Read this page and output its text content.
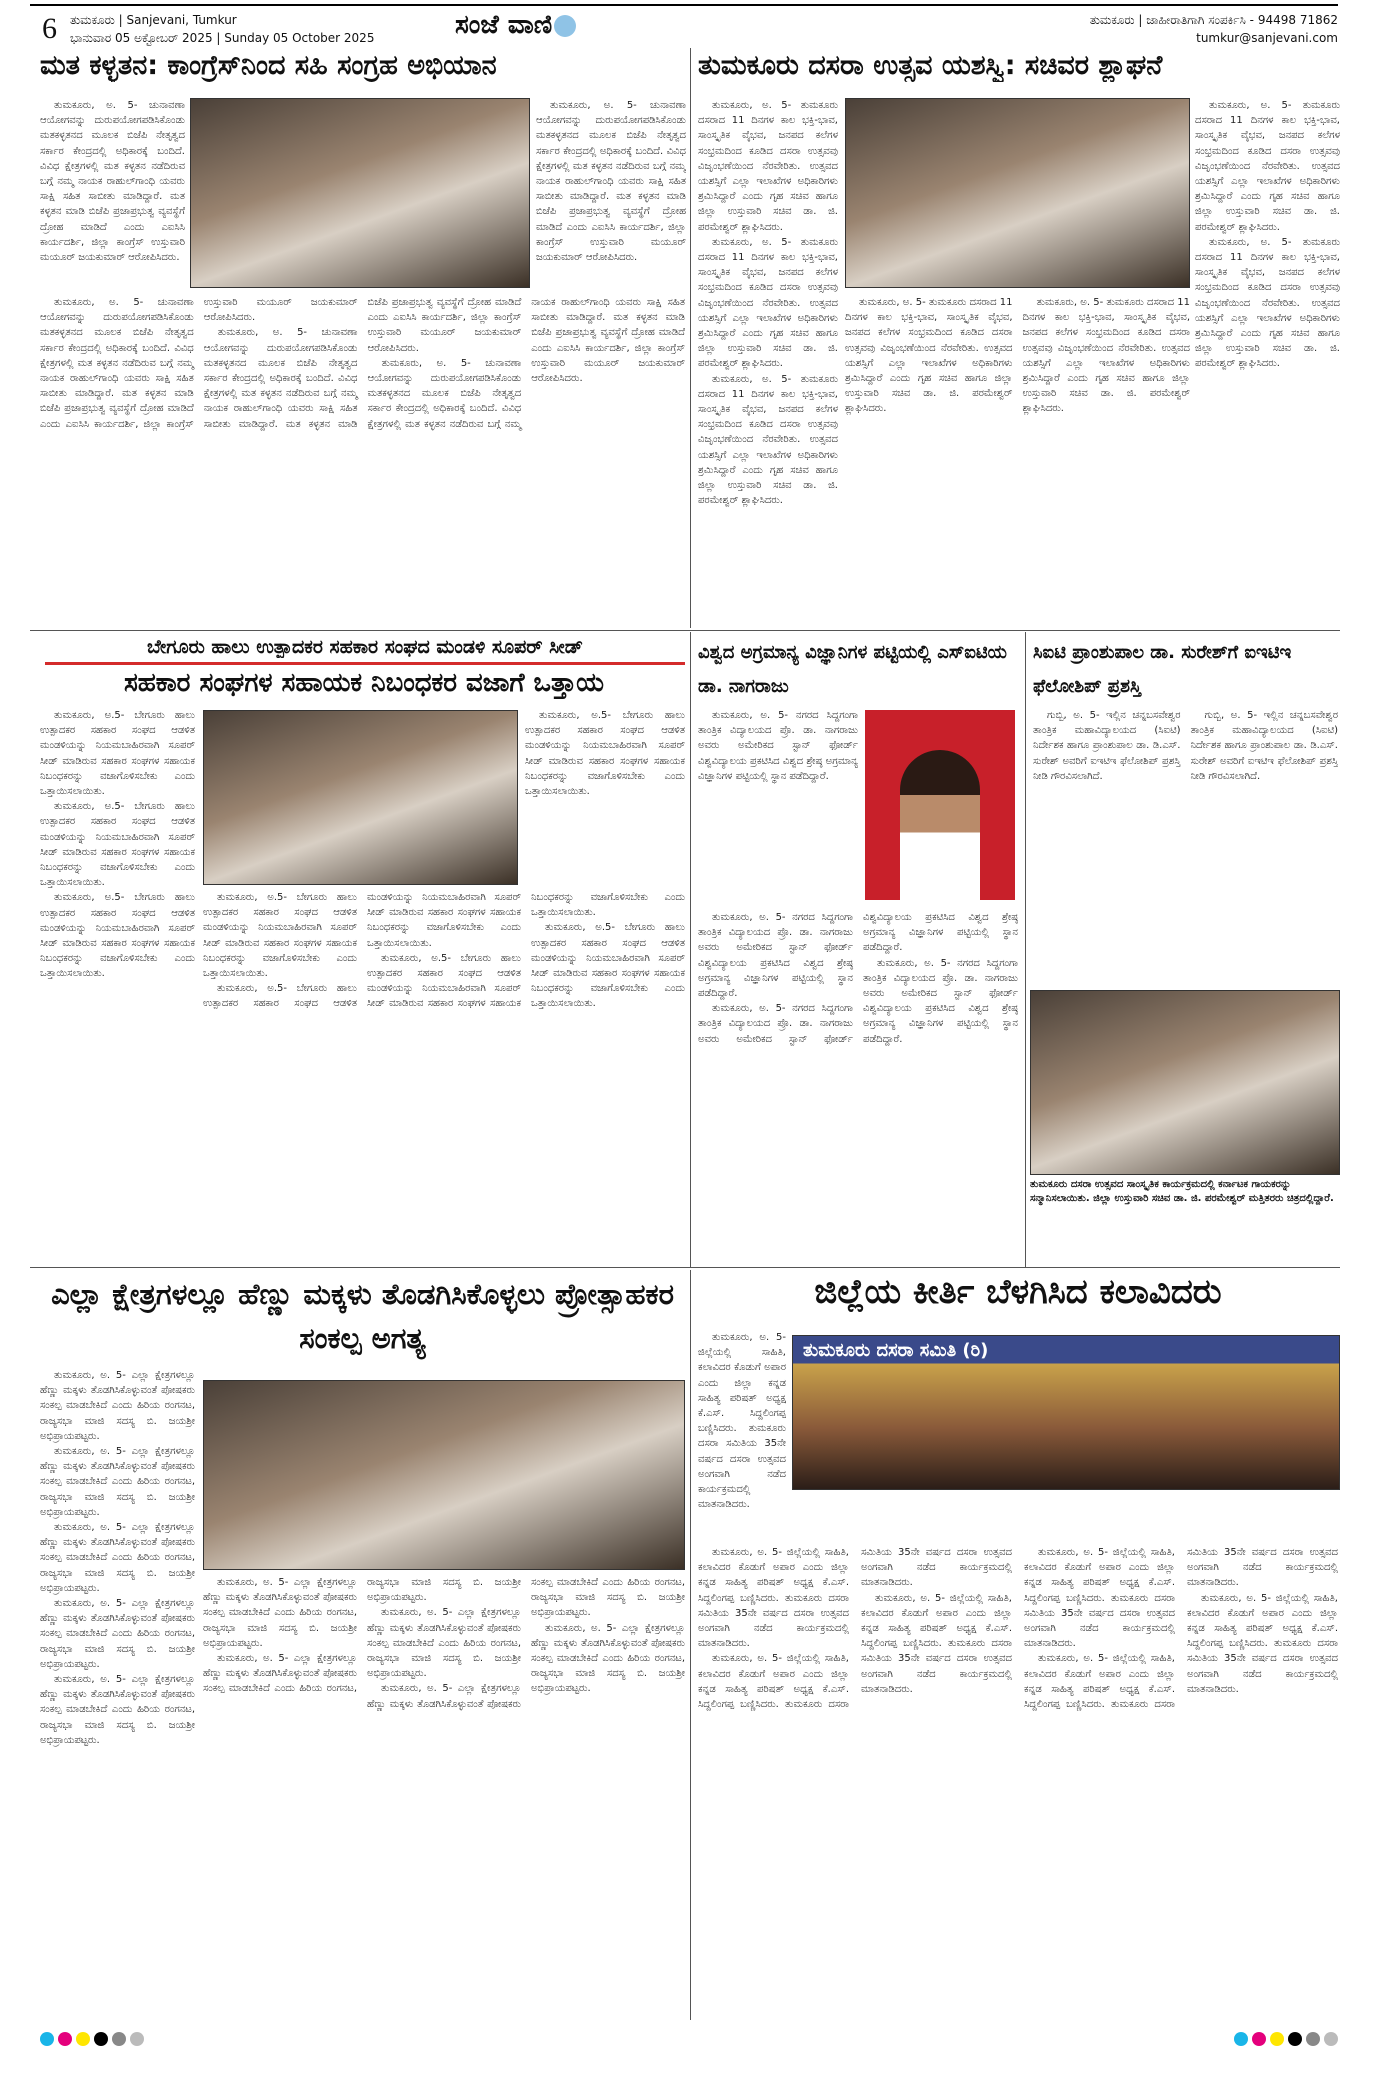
6 ತುಮಕೂರು | Sanjevani, Tumkur
ಭಾನುವಾರ 05 ಅಕ್ಟೋಬರ್ 2025 | Sunday 05 October 2025	ಸಂಜೆ ವಾಣಿ	ತುಮಕೂರು | ಜಾಹೀರಾತಿಗಾಗಿ ಸಂಪರ್ಕಿಸಿ - 94498 71862
tumkur@sanjevani.com
ಮತ ಕಳ್ಳತನ: ಕಾಂಗ್ರೆಸ್‌ನಿಂದ ಸಹಿ ಸಂಗ್ರಹ ಅಭಿಯಾನ	ತುಮಕೂರು ದಸರಾ ಉತ್ಸವ ಯಶಸ್ವಿ: ಸಚಿವರ ಶ್ಲಾಘನೆ

ತುಮಕೂರು, ಅ. 5- ಚುನಾವಣಾ ಆಯೋಗವನ್ನು ದುರುಪಯೋಗಪಡಿಸಿಕೊಂಡು ಮತಕಳ್ಳತನದ ಮೂಲಕ ಬಿಜೆಪಿ ನೇತೃತ್ವದ ಸರ್ಕಾರ ಕೇಂದ್ರದಲ್ಲಿ ಅಧಿಕಾರಕ್ಕೆ ಬಂದಿದೆ. ವಿವಿಧ ಕ್ಷೇತ್ರಗಳಲ್ಲಿ ಮತ ಕಳ್ಳತನ ನಡೆದಿರುವ ಬಗ್ಗೆ ನಮ್ಮ ನಾಯಕ ರಾಹುಲ್‌ಗಾಂಧಿ ಯವರು ಸಾಕ್ಷಿ ಸಹಿತ ಸಾಬೀತು ಮಾಡಿದ್ದಾರೆ. ಮತ ಕಳ್ಳತನ ಮಾಡಿ ಬಿಜೆಪಿ ಪ್ರಜಾಪ್ರಭುತ್ವ ವ್ಯವಸ್ಥೆಗೆ ದ್ರೋಹ ಮಾಡಿದೆ ಎಂದು ಎಐಸಿಸಿ ಕಾರ್ಯದರ್ಶಿ, ಜಿಲ್ಲಾ ಕಾಂಗ್ರೆಸ್ ಉಸ್ತುವಾರಿ ಮಯೂರ್ ಜಯಕುಮಾರ್ ಆರೋಪಿಸಿದರು.

ತುಮಕೂರು, ಅ. 5- ಚುನಾವಣಾ ಆಯೋಗವನ್ನು ದುರುಪಯೋಗಪಡಿಸಿಕೊಂಡು ಮತಕಳ್ಳತನದ ಮೂಲಕ ಬಿಜೆಪಿ ನೇತೃತ್ವದ ಸರ್ಕಾರ ಕೇಂದ್ರದಲ್ಲಿ ಅಧಿಕಾರಕ್ಕೆ ಬಂದಿದೆ. ವಿವಿಧ ಕ್ಷೇತ್ರಗಳಲ್ಲಿ ಮತ ಕಳ್ಳತನ ನಡೆದಿರುವ ಬಗ್ಗೆ ನಮ್ಮ ನಾಯಕ ರಾಹುಲ್‌ಗಾಂಧಿ ಯವರು ಸಾಕ್ಷಿ ಸಹಿತ ಸಾಬೀತು ಮಾಡಿದ್ದಾರೆ. ಮತ ಕಳ್ಳತನ ಮಾಡಿ ಬಿಜೆಪಿ ಪ್ರಜಾಪ್ರಭುತ್ವ ವ್ಯವಸ್ಥೆಗೆ ದ್ರೋಹ ಮಾಡಿದೆ ಎಂದು ಎಐಸಿಸಿ ಕಾರ್ಯದರ್ಶಿ, ಜಿಲ್ಲಾ ಕಾಂಗ್ರೆಸ್ ಉಸ್ತುವಾರಿ ಮಯೂರ್ ಜಯಕುಮಾರ್ ಆರೋಪಿಸಿದರು.

ತುಮಕೂರು, ಅ. 5- ಚುನಾವಣಾ ಆಯೋಗವನ್ನು ದುರುಪಯೋಗಪಡಿಸಿಕೊಂಡು ಮತಕಳ್ಳತನದ ಮೂಲಕ ಬಿಜೆಪಿ ನೇತೃತ್ವದ ಸರ್ಕಾರ ಕೇಂದ್ರದಲ್ಲಿ ಅಧಿಕಾರಕ್ಕೆ ಬಂದಿದೆ. ವಿವಿಧ ಕ್ಷೇತ್ರಗಳಲ್ಲಿ ಮತ ಕಳ್ಳತನ ನಡೆದಿರುವ ಬಗ್ಗೆ ನಮ್ಮ ನಾಯಕ ರಾಹುಲ್‌ಗಾಂಧಿ ಯವರು ಸಾಕ್ಷಿ ಸಹಿತ ಸಾಬೀತು ಮಾಡಿದ್ದಾರೆ. ಮತ ಕಳ್ಳತನ ಮಾಡಿ ಬಿಜೆಪಿ ಪ್ರಜಾಪ್ರಭುತ್ವ ವ್ಯವಸ್ಥೆಗೆ ದ್ರೋಹ ಮಾಡಿದೆ ಎಂದು ಎಐಸಿಸಿ ಕಾರ್ಯದರ್ಶಿ, ಜಿಲ್ಲಾ ಕಾಂಗ್ರೆಸ್ ಉಸ್ತುವಾರಿ ಮಯೂರ್ ಜಯಕುಮಾರ್ ಆರೋಪಿಸಿದರು.

ತುಮಕೂರು, ಅ. 5- ಚುನಾವಣಾ ಆಯೋಗವನ್ನು ದುರುಪಯೋಗಪಡಿಸಿಕೊಂಡು ಮತಕಳ್ಳತನದ ಮೂಲಕ ಬಿಜೆಪಿ ನೇತೃತ್ವದ ಸರ್ಕಾರ ಕೇಂದ್ರದಲ್ಲಿ ಅಧಿಕಾರಕ್ಕೆ ಬಂದಿದೆ. ವಿವಿಧ ಕ್ಷೇತ್ರಗಳಲ್ಲಿ ಮತ ಕಳ್ಳತನ ನಡೆದಿರುವ ಬಗ್ಗೆ ನಮ್ಮ ನಾಯಕ ರಾಹುಲ್‌ಗಾಂಧಿ ಯವರು ಸಾಕ್ಷಿ ಸಹಿತ ಸಾಬೀತು ಮಾಡಿದ್ದಾರೆ. ಮತ ಕಳ್ಳತನ ಮಾಡಿ ಬಿಜೆಪಿ ಪ್ರಜಾಪ್ರಭುತ್ವ ವ್ಯವಸ್ಥೆಗೆ ದ್ರೋಹ ಮಾಡಿದೆ ಎಂದು ಎಐಸಿಸಿ ಕಾರ್ಯದರ್ಶಿ, ಜಿಲ್ಲಾ ಕಾಂಗ್ರೆಸ್ ಉಸ್ತುವಾರಿ ಮಯೂರ್ ಜಯಕುಮಾರ್ ಆರೋಪಿಸಿದರು.

ತುಮಕೂರು, ಅ. 5- ಚುನಾವಣಾ ಆಯೋಗವನ್ನು ದುರುಪಯೋಗಪಡಿಸಿಕೊಂಡು ಮತಕಳ್ಳತನದ ಮೂಲಕ ಬಿಜೆಪಿ ನೇತೃತ್ವದ ಸರ್ಕಾರ ಕೇಂದ್ರದಲ್ಲಿ ಅಧಿಕಾರಕ್ಕೆ ಬಂದಿದೆ. ವಿವಿಧ ಕ್ಷೇತ್ರಗಳಲ್ಲಿ ಮತ ಕಳ್ಳತನ ನಡೆದಿರುವ ಬಗ್ಗೆ ನಮ್ಮ ನಾಯಕ ರಾಹುಲ್‌ಗಾಂಧಿ ಯವರು ಸಾಕ್ಷಿ ಸಹಿತ ಸಾಬೀತು ಮಾಡಿದ್ದಾರೆ. ಮತ ಕಳ್ಳತನ ಮಾಡಿ ಬಿಜೆಪಿ ಪ್ರಜಾಪ್ರಭುತ್ವ ವ್ಯವಸ್ಥೆಗೆ ದ್ರೋಹ ಮಾಡಿದೆ ಎಂದು ಎಐಸಿಸಿ ಕಾರ್ಯದರ್ಶಿ, ಜಿಲ್ಲಾ ಕಾಂಗ್ರೆಸ್ ಉಸ್ತುವಾರಿ ಮಯೂರ್ ಜಯಕುಮಾರ್ ಆರೋಪಿಸಿದರು.

ತುಮಕೂರು, ಅ. 5- ತುಮಕೂರು ದಸರಾದ 11 ದಿನಗಳ ಕಾಲ ಭಕ್ತಿ-ಭಾವ, ಸಾಂಸ್ಕೃತಿಕ ವೈಭವ, ಜನಪದ ಕಲೆಗಳ ಸಂಭ್ರಮದಿಂದ ಕೂಡಿದ ದಸರಾ ಉತ್ಸವವು ವಿಜೃಂಭಣೆಯಿಂದ ನೆರವೇರಿತು. ಉತ್ಸವದ ಯಶಸ್ಸಿಗೆ ಎಲ್ಲಾ ಇಲಾಖೆಗಳ ಅಧಿಕಾರಿಗಳು ಶ್ರಮಿಸಿದ್ದಾರೆ ಎಂದು ಗೃಹ ಸಚಿವ ಹಾಗೂ ಜಿಲ್ಲಾ ಉಸ್ತುವಾರಿ ಸಚಿವ ಡಾ. ಜಿ. ಪರಮೇಶ್ವರ್ ಶ್ಲಾಘಿಸಿದರು.

ತುಮಕೂರು, ಅ. 5- ತುಮಕೂರು ದಸರಾದ 11 ದಿನಗಳ ಕಾಲ ಭಕ್ತಿ-ಭಾವ, ಸಾಂಸ್ಕೃತಿಕ ವೈಭವ, ಜನಪದ ಕಲೆಗಳ ಸಂಭ್ರಮದಿಂದ ಕೂಡಿದ ದಸರಾ ಉತ್ಸವವು ವಿಜೃಂಭಣೆಯಿಂದ ನೆರವೇರಿತು. ಉತ್ಸವದ ಯಶಸ್ಸಿಗೆ ಎಲ್ಲಾ ಇಲಾಖೆಗಳ ಅಧಿಕಾರಿಗಳು ಶ್ರಮಿಸಿದ್ದಾರೆ ಎಂದು ಗೃಹ ಸಚಿವ ಹಾಗೂ ಜಿಲ್ಲಾ ಉಸ್ತುವಾರಿ ಸಚಿವ ಡಾ. ಜಿ. ಪರಮೇಶ್ವರ್ ಶ್ಲಾಘಿಸಿದರು.

ತುಮಕೂರು, ಅ. 5- ತುಮಕೂರು ದಸರಾದ 11 ದಿನಗಳ ಕಾಲ ಭಕ್ತಿ-ಭಾವ, ಸಾಂಸ್ಕೃತಿಕ ವೈಭವ, ಜನಪದ ಕಲೆಗಳ ಸಂಭ್ರಮದಿಂದ ಕೂಡಿದ ದಸರಾ ಉತ್ಸವವು ವಿಜೃಂಭಣೆಯಿಂದ ನೆರವೇರಿತು. ಉತ್ಸವದ ಯಶಸ್ಸಿಗೆ ಎಲ್ಲಾ ಇಲಾಖೆಗಳ ಅಧಿಕಾರಿಗಳು ಶ್ರಮಿಸಿದ್ದಾರೆ ಎಂದು ಗೃಹ ಸಚಿವ ಹಾಗೂ ಜಿಲ್ಲಾ ಉಸ್ತುವಾರಿ ಸಚಿವ ಡಾ. ಜಿ. ಪರಮೇಶ್ವರ್ ಶ್ಲಾಘಿಸಿದರು.

ತುಮಕೂರು, ಅ. 5- ತುಮಕೂರು ದಸರಾದ 11 ದಿನಗಳ ಕಾಲ ಭಕ್ತಿ-ಭಾವ, ಸಾಂಸ್ಕೃತಿಕ ವೈಭವ, ಜನಪದ ಕಲೆಗಳ ಸಂಭ್ರಮದಿಂದ ಕೂಡಿದ ದಸರಾ ಉತ್ಸವವು ವಿಜೃಂಭಣೆಯಿಂದ ನೆರವೇರಿತು. ಉತ್ಸವದ ಯಶಸ್ಸಿಗೆ ಎಲ್ಲಾ ಇಲಾಖೆಗಳ ಅಧಿಕಾರಿಗಳು ಶ್ರಮಿಸಿದ್ದಾರೆ ಎಂದು ಗೃಹ ಸಚಿವ ಹಾಗೂ ಜಿಲ್ಲಾ ಉಸ್ತುವಾರಿ ಸಚಿವ ಡಾ. ಜಿ. ಪರಮೇಶ್ವರ್ ಶ್ಲಾಘಿಸಿದರು.

ತುಮಕೂರು, ಅ. 5- ತುಮಕೂರು ದಸರಾದ 11 ದಿನಗಳ ಕಾಲ ಭಕ್ತಿ-ಭಾವ, ಸಾಂಸ್ಕೃತಿಕ ವೈಭವ, ಜನಪದ ಕಲೆಗಳ ಸಂಭ್ರಮದಿಂದ ಕೂಡಿದ ದಸರಾ ಉತ್ಸವವು ವಿಜೃಂಭಣೆಯಿಂದ ನೆರವೇರಿತು. ಉತ್ಸವದ ಯಶಸ್ಸಿಗೆ ಎಲ್ಲಾ ಇಲಾಖೆಗಳ ಅಧಿಕಾರಿಗಳು ಶ್ರಮಿಸಿದ್ದಾರೆ ಎಂದು ಗೃಹ ಸಚಿವ ಹಾಗೂ ಜಿಲ್ಲಾ ಉಸ್ತುವಾರಿ ಸಚಿವ ಡಾ. ಜಿ. ಪರಮೇಶ್ವರ್ ಶ್ಲಾಘಿಸಿದರು.

ತುಮಕೂರು, ಅ. 5- ತುಮಕೂರು ದಸರಾದ 11 ದಿನಗಳ ಕಾಲ ಭಕ್ತಿ-ಭಾವ, ಸಾಂಸ್ಕೃತಿಕ ವೈಭವ, ಜನಪದ ಕಲೆಗಳ ಸಂಭ್ರಮದಿಂದ ಕೂಡಿದ ದಸರಾ ಉತ್ಸವವು ವಿಜೃಂಭಣೆಯಿಂದ ನೆರವೇರಿತು. ಉತ್ಸವದ ಯಶಸ್ಸಿಗೆ ಎಲ್ಲಾ ಇಲಾಖೆಗಳ ಅಧಿಕಾರಿಗಳು ಶ್ರಮಿಸಿದ್ದಾರೆ ಎಂದು ಗೃಹ ಸಚಿವ ಹಾಗೂ ಜಿಲ್ಲಾ ಉಸ್ತುವಾರಿ ಸಚಿವ ಡಾ. ಜಿ. ಪರಮೇಶ್ವರ್ ಶ್ಲಾಘಿಸಿದರು.

ತುಮಕೂರು, ಅ. 5- ತುಮಕೂರು ದಸರಾದ 11 ದಿನಗಳ ಕಾಲ ಭಕ್ತಿ-ಭಾವ, ಸಾಂಸ್ಕೃತಿಕ ವೈಭವ, ಜನಪದ ಕಲೆಗಳ ಸಂಭ್ರಮದಿಂದ ಕೂಡಿದ ದಸರಾ ಉತ್ಸವವು ವಿಜೃಂಭಣೆಯಿಂದ ನೆರವೇರಿತು. ಉತ್ಸವದ ಯಶಸ್ಸಿಗೆ ಎಲ್ಲಾ ಇಲಾಖೆಗಳ ಅಧಿಕಾರಿಗಳು ಶ್ರಮಿಸಿದ್ದಾರೆ ಎಂದು ಗೃಹ ಸಚಿವ ಹಾಗೂ ಜಿಲ್ಲಾ ಉಸ್ತುವಾರಿ ಸಚಿವ ಡಾ. ಜಿ. ಪರಮೇಶ್ವರ್ ಶ್ಲಾಘಿಸಿದರು.

ಬೇಗೂರು ಹಾಲು ಉತ್ಪಾದಕರ ಸಹಕಾರ ಸಂಘದ ಮಂಡಳಿ ಸೂಪರ್ ಸೀಡ್
ಸಹಕಾರ ಸಂಘಗಳ ಸಹಾಯಕ ನಿಬಂಧಕರ ವಜಾಗೆ ಒತ್ತಾಯ

ತುಮಕೂರು, ಅ.5- ಬೇಗೂರು ಹಾಲು ಉತ್ಪಾದಕರ ಸಹಕಾರ ಸಂಘದ ಆಡಳಿತ ಮಂಡಳಿಯನ್ನು ನಿಯಮಬಾಹಿರವಾಗಿ ಸೂಪರ್ ಸೀಡ್ ಮಾಡಿರುವ ಸಹಕಾರ ಸಂಘಗಳ ಸಹಾಯಕ ನಿಬಂಧಕರನ್ನು ವಜಾಗೊಳಿಸಬೇಕು ಎಂದು ಒತ್ತಾಯಿಸಲಾಯಿತು.

ತುಮಕೂರು, ಅ.5- ಬೇಗೂರು ಹಾಲು ಉತ್ಪಾದಕರ ಸಹಕಾರ ಸಂಘದ ಆಡಳಿತ ಮಂಡಳಿಯನ್ನು ನಿಯಮಬಾಹಿರವಾಗಿ ಸೂಪರ್ ಸೀಡ್ ಮಾಡಿರುವ ಸಹಕಾರ ಸಂಘಗಳ ಸಹಾಯಕ ನಿಬಂಧಕರನ್ನು ವಜಾಗೊಳಿಸಬೇಕು ಎಂದು ಒತ್ತಾಯಿಸಲಾಯಿತು.

ತುಮಕೂರು, ಅ.5- ಬೇಗೂರು ಹಾಲು ಉತ್ಪಾದಕರ ಸಹಕಾರ ಸಂಘದ ಆಡಳಿತ ಮಂಡಳಿಯನ್ನು ನಿಯಮಬಾಹಿರವಾಗಿ ಸೂಪರ್ ಸೀಡ್ ಮಾಡಿರುವ ಸಹಕಾರ ಸಂಘಗಳ ಸಹಾಯಕ ನಿಬಂಧಕರನ್ನು ವಜಾಗೊಳಿಸಬೇಕು ಎಂದು ಒತ್ತಾಯಿಸಲಾಯಿತು.

ತುಮಕೂರು, ಅ.5- ಬೇಗೂರು ಹಾಲು ಉತ್ಪಾದಕರ ಸಹಕಾರ ಸಂಘದ ಆಡಳಿತ ಮಂಡಳಿಯನ್ನು ನಿಯಮಬಾಹಿರವಾಗಿ ಸೂಪರ್ ಸೀಡ್ ಮಾಡಿರುವ ಸಹಕಾರ ಸಂಘಗಳ ಸಹಾಯಕ ನಿಬಂಧಕರನ್ನು ವಜಾಗೊಳಿಸಬೇಕು ಎಂದು ಒತ್ತಾಯಿಸಲಾಯಿತು.

ತುಮಕೂರು, ಅ.5- ಬೇಗೂರು ಹಾಲು ಉತ್ಪಾದಕರ ಸಹಕಾರ ಸಂಘದ ಆಡಳಿತ ಮಂಡಳಿಯನ್ನು ನಿಯಮಬಾಹಿರವಾಗಿ ಸೂಪರ್ ಸೀಡ್ ಮಾಡಿರುವ ಸಹಕಾರ ಸಂಘಗಳ ಸಹಾಯಕ ನಿಬಂಧಕರನ್ನು ವಜಾಗೊಳಿಸಬೇಕು ಎಂದು ಒತ್ತಾಯಿಸಲಾಯಿತು.

ತುಮಕೂರು, ಅ.5- ಬೇಗೂರು ಹಾಲು ಉತ್ಪಾದಕರ ಸಹಕಾರ ಸಂಘದ ಆಡಳಿತ ಮಂಡಳಿಯನ್ನು ನಿಯಮಬಾಹಿರವಾಗಿ ಸೂಪರ್ ಸೀಡ್ ಮಾಡಿರುವ ಸಹಕಾರ ಸಂಘಗಳ ಸಹಾಯಕ ನಿಬಂಧಕರನ್ನು ವಜಾಗೊಳಿಸಬೇಕು ಎಂದು ಒತ್ತಾಯಿಸಲಾಯಿತು.

ತುಮಕೂರು, ಅ.5- ಬೇಗೂರು ಹಾಲು ಉತ್ಪಾದಕರ ಸಹಕಾರ ಸಂಘದ ಆಡಳಿತ ಮಂಡಳಿಯನ್ನು ನಿಯಮಬಾಹಿರವಾಗಿ ಸೂಪರ್ ಸೀಡ್ ಮಾಡಿರುವ ಸಹಕಾರ ಸಂಘಗಳ ಸಹಾಯಕ ನಿಬಂಧಕರನ್ನು ವಜಾಗೊಳಿಸಬೇಕು ಎಂದು ಒತ್ತಾಯಿಸಲಾಯಿತು.

ತುಮಕೂರು, ಅ.5- ಬೇಗೂರು ಹಾಲು ಉತ್ಪಾದಕರ ಸಹಕಾರ ಸಂಘದ ಆಡಳಿತ ಮಂಡಳಿಯನ್ನು ನಿಯಮಬಾಹಿರವಾಗಿ ಸೂಪರ್ ಸೀಡ್ ಮಾಡಿರುವ ಸಹಕಾರ ಸಂಘಗಳ ಸಹಾಯಕ ನಿಬಂಧಕರನ್ನು ವಜಾಗೊಳಿಸಬೇಕು ಎಂದು ಒತ್ತಾಯಿಸಲಾಯಿತು.

ವಿಶ್ವದ ಅಗ್ರಮಾನ್ಯ ವಿಜ್ಞಾನಿಗಳ ಪಟ್ಟಿಯಲ್ಲಿ ಎಸ್‌ಐಟಿಯ ಡಾ. ನಾಗರಾಜು

ತುಮಕೂರು, ಅ. 5- ನಗರದ ಸಿದ್ದಗಂಗಾ ತಾಂತ್ರಿಕ ವಿದ್ಯಾಲಯದ ಪ್ರೊ. ಡಾ. ನಾಗರಾಜು ಅವರು ಅಮೇರಿಕದ ಸ್ಟಾನ್ ಫೋರ್ಡ್ ವಿಶ್ವವಿದ್ಯಾಲಯ ಪ್ರಕಟಿಸಿದ ವಿಶ್ವದ ಶ್ರೇಷ್ಠ ಅಗ್ರಮಾನ್ಯ ವಿಜ್ಞಾನಿಗಳ ಪಟ್ಟಿಯಲ್ಲಿ ಸ್ಥಾನ ಪಡೆದಿದ್ದಾರೆ.

ತುಮಕೂರು, ಅ. 5- ನಗರದ ಸಿದ್ದಗಂಗಾ ತಾಂತ್ರಿಕ ವಿದ್ಯಾಲಯದ ಪ್ರೊ. ಡಾ. ನಾಗರಾಜು ಅವರು ಅಮೇರಿಕದ ಸ್ಟಾನ್ ಫೋರ್ಡ್ ವಿಶ್ವವಿದ್ಯಾಲಯ ಪ್ರಕಟಿಸಿದ ವಿಶ್ವದ ಶ್ರೇಷ್ಠ ಅಗ್ರಮಾನ್ಯ ವಿಜ್ಞಾನಿಗಳ ಪಟ್ಟಿಯಲ್ಲಿ ಸ್ಥಾನ ಪಡೆದಿದ್ದಾರೆ.

ತುಮಕೂರು, ಅ. 5- ನಗರದ ಸಿದ್ದಗಂಗಾ ತಾಂತ್ರಿಕ ವಿದ್ಯಾಲಯದ ಪ್ರೊ. ಡಾ. ನಾಗರಾಜು ಅವರು ಅಮೇರಿಕದ ಸ್ಟಾನ್ ಫೋರ್ಡ್ ವಿಶ್ವವಿದ್ಯಾಲಯ ಪ್ರಕಟಿಸಿದ ವಿಶ್ವದ ಶ್ರೇಷ್ಠ ಅಗ್ರಮಾನ್ಯ ವಿಜ್ಞಾನಿಗಳ ಪಟ್ಟಿಯಲ್ಲಿ ಸ್ಥಾನ ಪಡೆದಿದ್ದಾರೆ.

ತುಮಕೂರು, ಅ. 5- ನಗರದ ಸಿದ್ದಗಂಗಾ ತಾಂತ್ರಿಕ ವಿದ್ಯಾಲಯದ ಪ್ರೊ. ಡಾ. ನಾಗರಾಜು ಅವರು ಅಮೇರಿಕದ ಸ್ಟಾನ್ ಫೋರ್ಡ್ ವಿಶ್ವವಿದ್ಯಾಲಯ ಪ್ರಕಟಿಸಿದ ವಿಶ್ವದ ಶ್ರೇಷ್ಠ ಅಗ್ರಮಾನ್ಯ ವಿಜ್ಞಾನಿಗಳ ಪಟ್ಟಿಯಲ್ಲಿ ಸ್ಥಾನ ಪಡೆದಿದ್ದಾರೆ.

ಸಿಐಟಿ ಪ್ರಾಂಶುಪಾಲ ಡಾ. ಸುರೇಶ್‌ಗೆ ಐಇಟಿಇ ಫೆಲೋಶಿಪ್ ಪ್ರಶಸ್ತಿ

ಗುಬ್ಬಿ, ಅ. 5- ಇಲ್ಲಿನ ಚನ್ನಬಸವೇಶ್ವರ ತಾಂತ್ರಿಕ ಮಹಾವಿದ್ಯಾಲಯದ (ಸಿಐಟಿ) ನಿರ್ದೇಶಕ ಹಾಗೂ ಪ್ರಾಂಶುಪಾಲ ಡಾ. ಡಿ.ಎಸ್. ಸುರೇಶ್ ಅವರಿಗೆ ಐಇಟಿಇ ಫೆಲೋಶಿಪ್ ಪ್ರಶಸ್ತಿ ನೀಡಿ ಗೌರವಿಸಲಾಗಿದೆ.

ಗುಬ್ಬಿ, ಅ. 5- ಇಲ್ಲಿನ ಚನ್ನಬಸವೇಶ್ವರ ತಾಂತ್ರಿಕ ಮಹಾವಿದ್ಯಾಲಯದ (ಸಿಐಟಿ) ನಿರ್ದೇಶಕ ಹಾಗೂ ಪ್ರಾಂಶುಪಾಲ ಡಾ. ಡಿ.ಎಸ್. ಸುರೇಶ್ ಅವರಿಗೆ ಐಇಟಿಇ ಫೆಲೋಶಿಪ್ ಪ್ರಶಸ್ತಿ ನೀಡಿ ಗೌರವಿಸಲಾಗಿದೆ.

ತುಮಕೂರು ದಸರಾ ಉತ್ಸವದ ಸಾಂಸ್ಕೃತಿಕ ಕಾರ್ಯಕ್ರಮದಲ್ಲಿ ಕರ್ನಾಟಕ ಗಾಯಕರನ್ನು ಸನ್ಮಾನಿಸಲಾಯಿತು. ಜಿಲ್ಲಾ ಉಸ್ತುವಾರಿ ಸಚಿವ ಡಾ. ಜಿ. ಪರಮೇಶ್ವರ್ ಮತ್ತಿತರರು ಚಿತ್ರದಲ್ಲಿದ್ದಾರೆ.
ಎಲ್ಲಾ ಕ್ಷೇತ್ರಗಳಲ್ಲೂ ಹೆಣ್ಣು ಮಕ್ಕಳು ತೊಡಗಿಸಿಕೊಳ್ಳಲು ಪ್ರೋತ್ಸಾಹಕರ ಸಂಕಲ್ಪ ಅಗತ್ಯ

ತುಮಕೂರು, ಅ. 5- ಎಲ್ಲಾ ಕ್ಷೇತ್ರಗಳಲ್ಲೂ ಹೆಣ್ಣು ಮಕ್ಕಳು ತೊಡಗಿಸಿಕೊಳ್ಳುವಂತೆ ಪೋಷಕರು ಸಂಕಲ್ಪ ಮಾಡಬೇಕಿದೆ ಎಂದು ಹಿರಿಯ ರಂಗನಟ, ರಾಜ್ಯಸಭಾ ಮಾಜಿ ಸದಸ್ಯ ಬಿ. ಜಯಶ್ರೀ ಅಭಿಪ್ರಾಯಪಟ್ಟರು.

ತುಮಕೂರು, ಅ. 5- ಎಲ್ಲಾ ಕ್ಷೇತ್ರಗಳಲ್ಲೂ ಹೆಣ್ಣು ಮಕ್ಕಳು ತೊಡಗಿಸಿಕೊಳ್ಳುವಂತೆ ಪೋಷಕರು ಸಂಕಲ್ಪ ಮಾಡಬೇಕಿದೆ ಎಂದು ಹಿರಿಯ ರಂಗನಟ, ರಾಜ್ಯಸಭಾ ಮಾಜಿ ಸದಸ್ಯ ಬಿ. ಜಯಶ್ರೀ ಅಭಿಪ್ರಾಯಪಟ್ಟರು.

ತುಮಕೂರು, ಅ. 5- ಎಲ್ಲಾ ಕ್ಷೇತ್ರಗಳಲ್ಲೂ ಹೆಣ್ಣು ಮಕ್ಕಳು ತೊಡಗಿಸಿಕೊಳ್ಳುವಂತೆ ಪೋಷಕರು ಸಂಕಲ್ಪ ಮಾಡಬೇಕಿದೆ ಎಂದು ಹಿರಿಯ ರಂಗನಟ, ರಾಜ್ಯಸಭಾ ಮಾಜಿ ಸದಸ್ಯ ಬಿ. ಜಯಶ್ರೀ ಅಭಿಪ್ರಾಯಪಟ್ಟರು.

ತುಮಕೂರು, ಅ. 5- ಎಲ್ಲಾ ಕ್ಷೇತ್ರಗಳಲ್ಲೂ ಹೆಣ್ಣು ಮಕ್ಕಳು ತೊಡಗಿಸಿಕೊಳ್ಳುವಂತೆ ಪೋಷಕರು ಸಂಕಲ್ಪ ಮಾಡಬೇಕಿದೆ ಎಂದು ಹಿರಿಯ ರಂಗನಟ, ರಾಜ್ಯಸಭಾ ಮಾಜಿ ಸದಸ್ಯ ಬಿ. ಜಯಶ್ರೀ ಅಭಿಪ್ರಾಯಪಟ್ಟರು.

ತುಮಕೂರು, ಅ. 5- ಎಲ್ಲಾ ಕ್ಷೇತ್ರಗಳಲ್ಲೂ ಹೆಣ್ಣು ಮಕ್ಕಳು ತೊಡಗಿಸಿಕೊಳ್ಳುವಂತೆ ಪೋಷಕರು ಸಂಕಲ್ಪ ಮಾಡಬೇಕಿದೆ ಎಂದು ಹಿರಿಯ ರಂಗನಟ, ರಾಜ್ಯಸಭಾ ಮಾಜಿ ಸದಸ್ಯ ಬಿ. ಜಯಶ್ರೀ ಅಭಿಪ್ರಾಯಪಟ್ಟರು.

ತುಮಕೂರು, ಅ. 5- ಎಲ್ಲಾ ಕ್ಷೇತ್ರಗಳಲ್ಲೂ ಹೆಣ್ಣು ಮಕ್ಕಳು ತೊಡಗಿಸಿಕೊಳ್ಳುವಂತೆ ಪೋಷಕರು ಸಂಕಲ್ಪ ಮಾಡಬೇಕಿದೆ ಎಂದು ಹಿರಿಯ ರಂಗನಟ, ರಾಜ್ಯಸಭಾ ಮಾಜಿ ಸದಸ್ಯ ಬಿ. ಜಯಶ್ರೀ ಅಭಿಪ್ರಾಯಪಟ್ಟರು.

ತುಮಕೂರು, ಅ. 5- ಎಲ್ಲಾ ಕ್ಷೇತ್ರಗಳಲ್ಲೂ ಹೆಣ್ಣು ಮಕ್ಕಳು ತೊಡಗಿಸಿಕೊಳ್ಳುವಂತೆ ಪೋಷಕರು ಸಂಕಲ್ಪ ಮಾಡಬೇಕಿದೆ ಎಂದು ಹಿರಿಯ ರಂಗನಟ, ರಾಜ್ಯಸಭಾ ಮಾಜಿ ಸದಸ್ಯ ಬಿ. ಜಯಶ್ರೀ ಅಭಿಪ್ರಾಯಪಟ್ಟರು.

ತುಮಕೂರು, ಅ. 5- ಎಲ್ಲಾ ಕ್ಷೇತ್ರಗಳಲ್ಲೂ ಹೆಣ್ಣು ಮಕ್ಕಳು ತೊಡಗಿಸಿಕೊಳ್ಳುವಂತೆ ಪೋಷಕರು ಸಂಕಲ್ಪ ಮಾಡಬೇಕಿದೆ ಎಂದು ಹಿರಿಯ ರಂಗನಟ, ರಾಜ್ಯಸಭಾ ಮಾಜಿ ಸದಸ್ಯ ಬಿ. ಜಯಶ್ರೀ ಅಭಿಪ್ರಾಯಪಟ್ಟರು.

ತುಮಕೂರು, ಅ. 5- ಎಲ್ಲಾ ಕ್ಷೇತ್ರಗಳಲ್ಲೂ ಹೆಣ್ಣು ಮಕ್ಕಳು ತೊಡಗಿಸಿಕೊಳ್ಳುವಂತೆ ಪೋಷಕರು ಸಂಕಲ್ಪ ಮಾಡಬೇಕಿದೆ ಎಂದು ಹಿರಿಯ ರಂಗನಟ, ರಾಜ್ಯಸಭಾ ಮಾಜಿ ಸದಸ್ಯ ಬಿ. ಜಯಶ್ರೀ ಅಭಿಪ್ರಾಯಪಟ್ಟರು.

ತುಮಕೂರು, ಅ. 5- ಎಲ್ಲಾ ಕ್ಷೇತ್ರಗಳಲ್ಲೂ ಹೆಣ್ಣು ಮಕ್ಕಳು ತೊಡಗಿಸಿಕೊಳ್ಳುವಂತೆ ಪೋಷಕರು ಸಂಕಲ್ಪ ಮಾಡಬೇಕಿದೆ ಎಂದು ಹಿರಿಯ ರಂಗನಟ, ರಾಜ್ಯಸಭಾ ಮಾಜಿ ಸದಸ್ಯ ಬಿ. ಜಯಶ್ರೀ ಅಭಿಪ್ರಾಯಪಟ್ಟರು.

ಜಿಲ್ಲೆಯ ಕೀರ್ತಿ ಬೆಳಗಿಸಿದ ಕಲಾವಿದರು

ತುಮಕೂರು, ಅ. 5- ಜಿಲ್ಲೆಯಲ್ಲಿ ಸಾಹಿತಿ, ಕಲಾವಿದರ ಕೊಡುಗೆ ಅಪಾರ ಎಂದು ಜಿಲ್ಲಾ ಕನ್ನಡ ಸಾಹಿತ್ಯ ಪರಿಷತ್ ಅಧ್ಯಕ್ಷ ಕೆ.ಎಸ್. ಸಿದ್ದಲಿಂಗಪ್ಪ ಬಣ್ಣಿಸಿದರು. ತುಮಕೂರು ದಸರಾ ಸಮಿತಿಯ 35ನೇ ವರ್ಷದ ದಸರಾ ಉತ್ಸವದ ಅಂಗವಾಗಿ ನಡೆದ ಕಾರ್ಯಕ್ರಮದಲ್ಲಿ ಮಾತನಾಡಿದರು.

ತುಮಕೂರು ದಸರಾ ಸಮಿತಿ (ರಿ)

ತುಮಕೂರು, ಅ. 5- ಜಿಲ್ಲೆಯಲ್ಲಿ ಸಾಹಿತಿ, ಕಲಾವಿದರ ಕೊಡುಗೆ ಅಪಾರ ಎಂದು ಜಿಲ್ಲಾ ಕನ್ನಡ ಸಾಹಿತ್ಯ ಪರಿಷತ್ ಅಧ್ಯಕ್ಷ ಕೆ.ಎಸ್. ಸಿದ್ದಲಿಂಗಪ್ಪ ಬಣ್ಣಿಸಿದರು. ತುಮಕೂರು ದಸರಾ ಸಮಿತಿಯ 35ನೇ ವರ್ಷದ ದಸರಾ ಉತ್ಸವದ ಅಂಗವಾಗಿ ನಡೆದ ಕಾರ್ಯಕ್ರಮದಲ್ಲಿ ಮಾತನಾಡಿದರು.

ತುಮಕೂರು, ಅ. 5- ಜಿಲ್ಲೆಯಲ್ಲಿ ಸಾಹಿತಿ, ಕಲಾವಿದರ ಕೊಡುಗೆ ಅಪಾರ ಎಂದು ಜಿಲ್ಲಾ ಕನ್ನಡ ಸಾಹಿತ್ಯ ಪರಿಷತ್ ಅಧ್ಯಕ್ಷ ಕೆ.ಎಸ್. ಸಿದ್ದಲಿಂಗಪ್ಪ ಬಣ್ಣಿಸಿದರು. ತುಮಕೂರು ದಸರಾ ಸಮಿತಿಯ 35ನೇ ವರ್ಷದ ದಸರಾ ಉತ್ಸವದ ಅಂಗವಾಗಿ ನಡೆದ ಕಾರ್ಯಕ್ರಮದಲ್ಲಿ ಮಾತನಾಡಿದರು.

ತುಮಕೂರು, ಅ. 5- ಜಿಲ್ಲೆಯಲ್ಲಿ ಸಾಹಿತಿ, ಕಲಾವಿದರ ಕೊಡುಗೆ ಅಪಾರ ಎಂದು ಜಿಲ್ಲಾ ಕನ್ನಡ ಸಾಹಿತ್ಯ ಪರಿಷತ್ ಅಧ್ಯಕ್ಷ ಕೆ.ಎಸ್. ಸಿದ್ದಲಿಂಗಪ್ಪ ಬಣ್ಣಿಸಿದರು. ತುಮಕೂರು ದಸರಾ ಸಮಿತಿಯ 35ನೇ ವರ್ಷದ ದಸರಾ ಉತ್ಸವದ ಅಂಗವಾಗಿ ನಡೆದ ಕಾರ್ಯಕ್ರಮದಲ್ಲಿ ಮಾತನಾಡಿದರು.

ತುಮಕೂರು, ಅ. 5- ಜಿಲ್ಲೆಯಲ್ಲಿ ಸಾಹಿತಿ, ಕಲಾವಿದರ ಕೊಡುಗೆ ಅಪಾರ ಎಂದು ಜಿಲ್ಲಾ ಕನ್ನಡ ಸಾಹಿತ್ಯ ಪರಿಷತ್ ಅಧ್ಯಕ್ಷ ಕೆ.ಎಸ್. ಸಿದ್ದಲಿಂಗಪ್ಪ ಬಣ್ಣಿಸಿದರು. ತುಮಕೂರು ದಸರಾ ಸಮಿತಿಯ 35ನೇ ವರ್ಷದ ದಸರಾ ಉತ್ಸವದ ಅಂಗವಾಗಿ ನಡೆದ ಕಾರ್ಯಕ್ರಮದಲ್ಲಿ ಮಾತನಾಡಿದರು.

ತುಮಕೂರು, ಅ. 5- ಜಿಲ್ಲೆಯಲ್ಲಿ ಸಾಹಿತಿ, ಕಲಾವಿದರ ಕೊಡುಗೆ ಅಪಾರ ಎಂದು ಜಿಲ್ಲಾ ಕನ್ನಡ ಸಾಹಿತ್ಯ ಪರಿಷತ್ ಅಧ್ಯಕ್ಷ ಕೆ.ಎಸ್. ಸಿದ್ದಲಿಂಗಪ್ಪ ಬಣ್ಣಿಸಿದರು. ತುಮಕೂರು ದಸರಾ ಸಮಿತಿಯ 35ನೇ ವರ್ಷದ ದಸರಾ ಉತ್ಸವದ ಅಂಗವಾಗಿ ನಡೆದ ಕಾರ್ಯಕ್ರಮದಲ್ಲಿ ಮಾತನಾಡಿದರು.

ತುಮಕೂರು, ಅ. 5- ಜಿಲ್ಲೆಯಲ್ಲಿ ಸಾಹಿತಿ, ಕಲಾವಿದರ ಕೊಡುಗೆ ಅಪಾರ ಎಂದು ಜಿಲ್ಲಾ ಕನ್ನಡ ಸಾಹಿತ್ಯ ಪರಿಷತ್ ಅಧ್ಯಕ್ಷ ಕೆ.ಎಸ್. ಸಿದ್ದಲಿಂಗಪ್ಪ ಬಣ್ಣಿಸಿದರು. ತುಮಕೂರು ದಸರಾ ಸಮಿತಿಯ 35ನೇ ವರ್ಷದ ದಸರಾ ಉತ್ಸವದ ಅಂಗವಾಗಿ ನಡೆದ ಕಾರ್ಯಕ್ರಮದಲ್ಲಿ ಮಾತನಾಡಿದರು.
